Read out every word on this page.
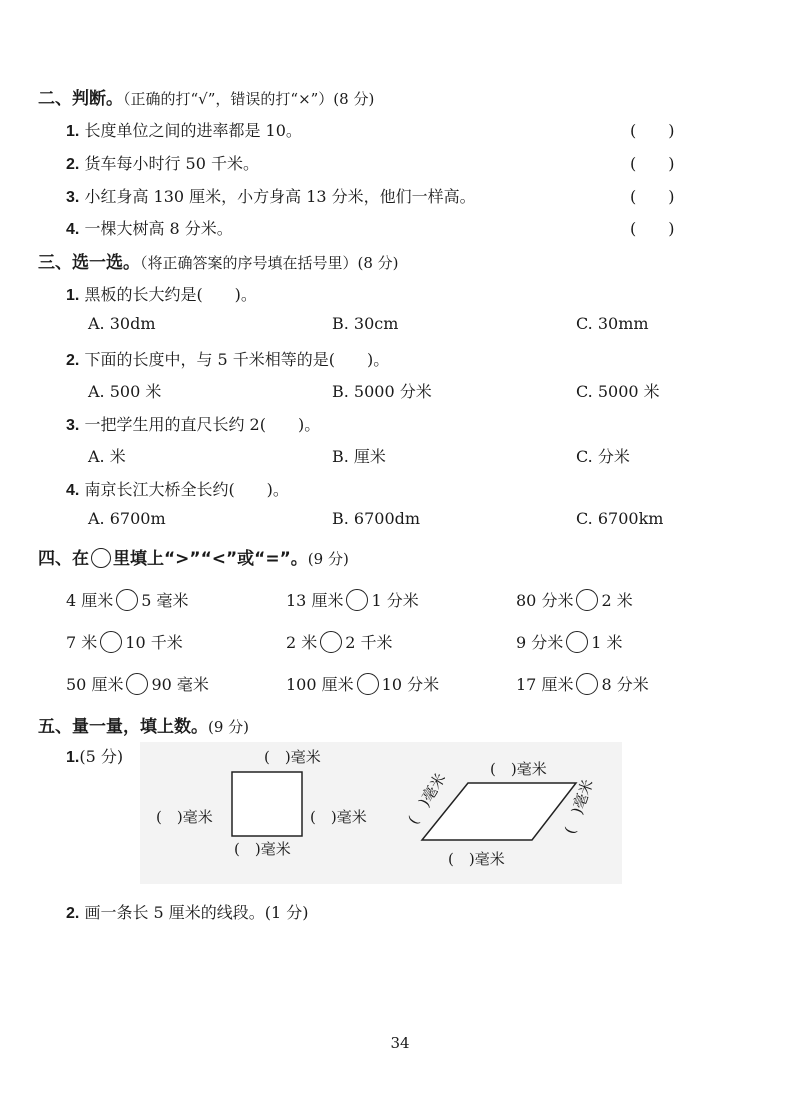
二、判断。（正确的打“√”，错误的打“×”）(8 分)
1. 长度单位之间的进率都是 10。	(　　)
2. 货车每小时行 50 千米。	(　　)
3. 小红身高 130 厘米，小方身高 13 分米，他们一样高。	(　　)
4. 一棵大树高 8 分米。	(　　)
三、选一选。（将正确答案的序号填在括号里）(8 分)
1. 黑板的长大约是(　　)。
A. 30dm	B. 30cm	C. 30mm
2. 下面的长度中，与 5 千米相等的是(　　)。
A. 500 米	B. 5000 分米	C. 5000 米
3. 一把学生用的直尺长约 2(　　)。
A. 米	B. 厘米	C. 分米
4. 南京长江大桥全长约(　　)。
A. 6700m	B. 6700dm	C. 6700km
四、在 里填上“>”“<”或“=”。(9 分)
4 厘米 5 毫米	13 厘米 1 分米	80 分米 2 米
7 米 10 千米	2 米 2 千米	9 分米 1 米
50 厘米 90 毫米	100 厘米 10 分米	17 厘米 8 分米
五、量一量，填上数。(9 分)
1.(5 分)	(　)毫米
(　)毫米	(　)毫米
(　)毫米
(　)毫米
(　)毫米
(　)毫米	(　)毫米
2. 画一条长 5 厘米的线段。(1 分)
34
